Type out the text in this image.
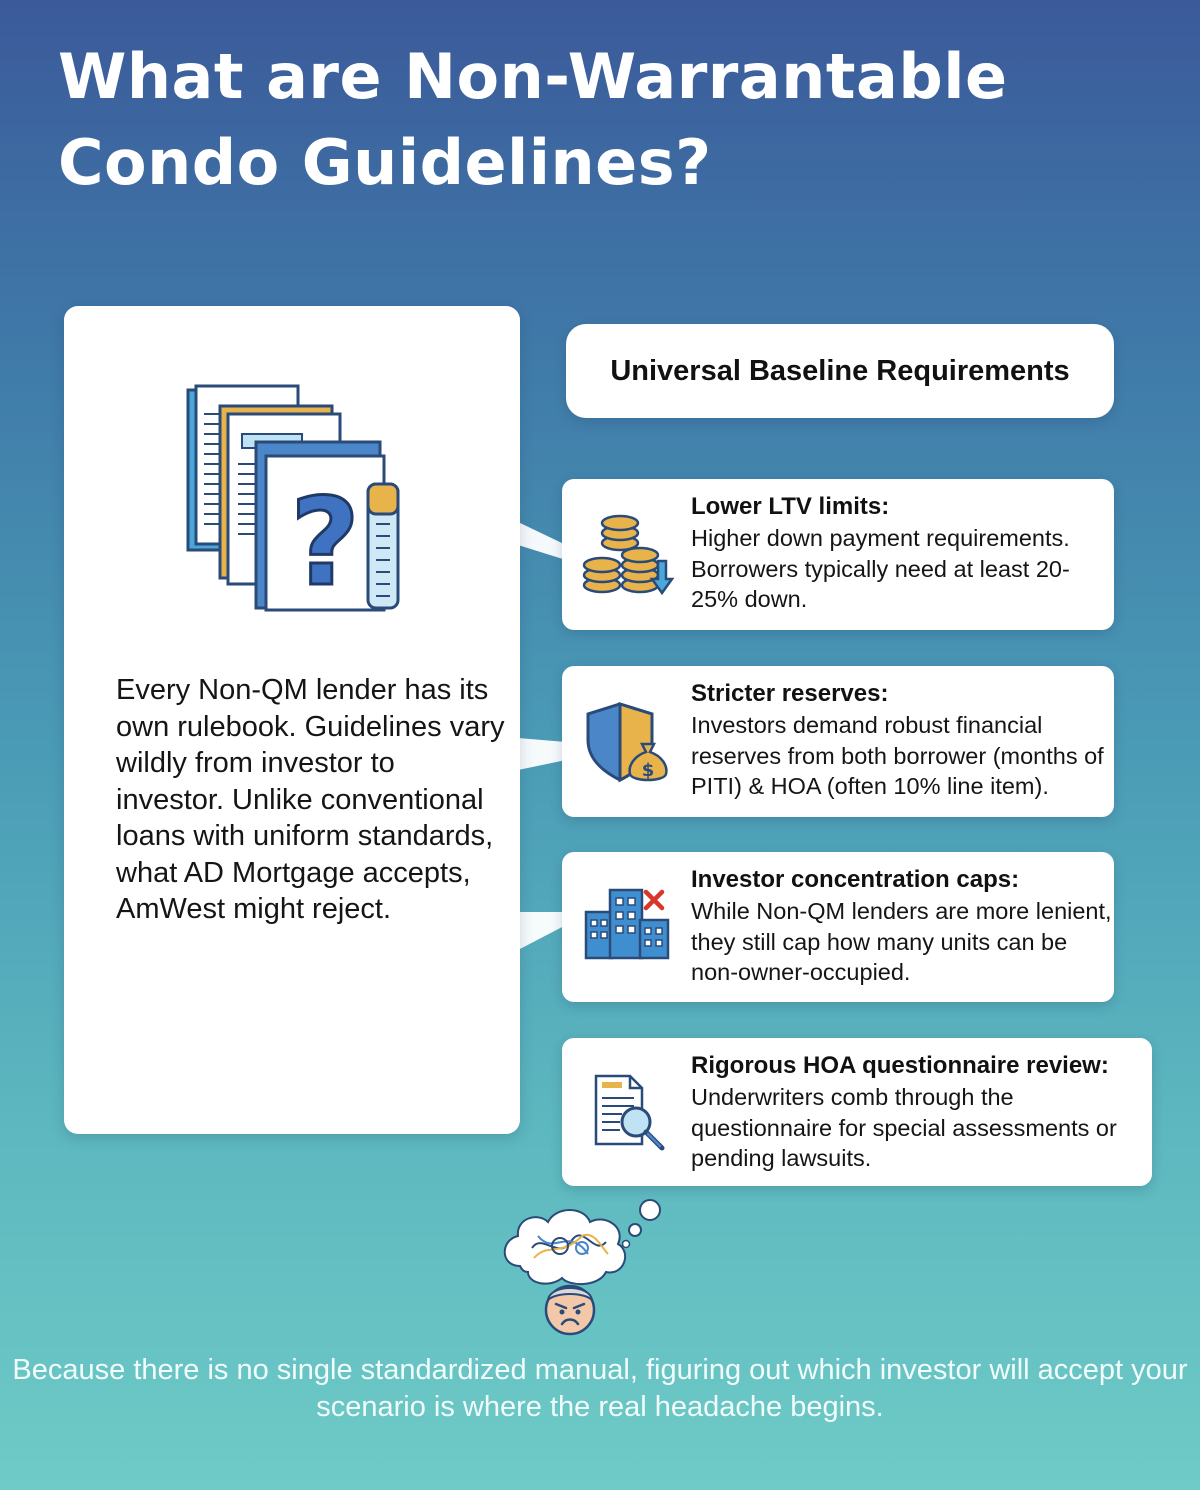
What are Non-Warrantable Condo Guidelines?
?

Every Non-QM lender has its own rulebook. Guidelines vary wildly from investor to investor. Unlike conventional loans with uniform standards, what AD Mortgage accepts, AmWest might reject.

Universal Baseline Requirements
Lower LTV limits:
Higher down payment requirements. Borrowers typically need at least 20-25% down.
$
Stricter reserves:
Investors demand robust financial reserves from both borrower (months of PITI) & HOA (often 10% line item).
Investor concentration caps:
While Non-QM lenders are more lenient, they still cap how many units can be non-owner-occupied.
Rigorous HOA questionnaire review:
Underwriters comb through the questionnaire for special assessments or pending lawsuits.
Because there is no single standardized manual, figuring out which investor will accept your scenario is where the real headache begins.
